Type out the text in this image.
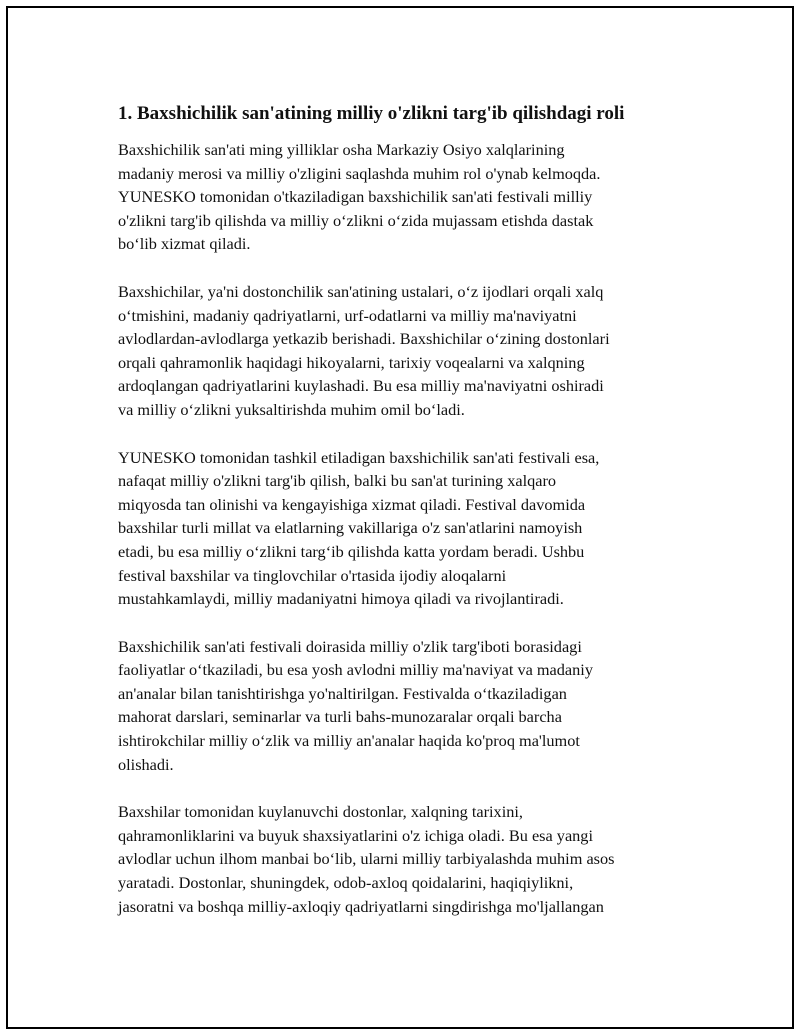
1. Baxshichilik san'atining milliy o'zlikni targ'ib qilishdagi roli

Baxshichilik san'ati ming yilliklar osha Markaziy Osiyo xalqlarining
madaniy merosi va milliy o'zligini saqlashda muhim rol o'ynab kelmoqda.
YUNESKO tomonidan o'tkaziladigan baxshichilik san'ati festivali milliy
o'zlikni targ'ib qilishda va milliy o‘zlikni o‘zida mujassam etishda dastak
bo‘lib xizmat qiladi.

Baxshichilar, ya'ni dostonchilik san'atining ustalari, o‘z ijodlari orqali xalq
o‘tmishini, madaniy qadriyatlarni, urf-odatlarni va milliy ma'naviyatni
avlodlardan-avlodlarga yetkazib berishadi. Baxshichilar o‘zining dostonlari
orqali qahramonlik haqidagi hikoyalarni, tarixiy voqealarni va xalqning
ardoqlangan qadriyatlarini kuylashadi. Bu esa milliy ma'naviyatni oshiradi
va milliy o‘zlikni yuksaltirishda muhim omil bo‘ladi.

YUNESKO tomonidan tashkil etiladigan baxshichilik san'ati festivali esa,
nafaqat milliy o'zlikni targ'ib qilish, balki bu san'at turining xalqaro
miqyosda tan olinishi va kengayishiga xizmat qiladi. Festival davomida
baxshilar turli millat va elatlarning vakillariga o'z san'atlarini namoyish
etadi, bu esa milliy o‘zlikni targ‘ib qilishda katta yordam beradi. Ushbu
festival baxshilar va tinglovchilar o'rtasida ijodiy aloqalarni
mustahkamlaydi, milliy madaniyatni himoya qiladi va rivojlantiradi.

Baxshichilik san'ati festivali doirasida milliy o'zlik targ'iboti borasidagi
faoliyatlar o‘tkaziladi, bu esa yosh avlodni milliy ma'naviyat va madaniy
an'analar bilan tanishtirishga yo'naltirilgan. Festivalda o‘tkaziladigan
mahorat darslari, seminarlar va turli bahs-munozaralar orqali barcha
ishtirokchilar milliy o‘zlik va milliy an'analar haqida ko'proq ma'lumot
olishadi.

Baxshilar tomonidan kuylanuvchi dostonlar, xalqning tarixini,
qahramonliklarini va buyuk shaxsiyatlarini o'z ichiga oladi. Bu esa yangi
avlodlar uchun ilhom manbai bo‘lib, ularni milliy tarbiyalashda muhim asos
yaratadi. Dostonlar, shuningdek, odob-axloq qoidalarini, haqiqiylikni,
jasoratni va boshqa milliy-axloqiy qadriyatlarni singdirishga mo'ljallangan
